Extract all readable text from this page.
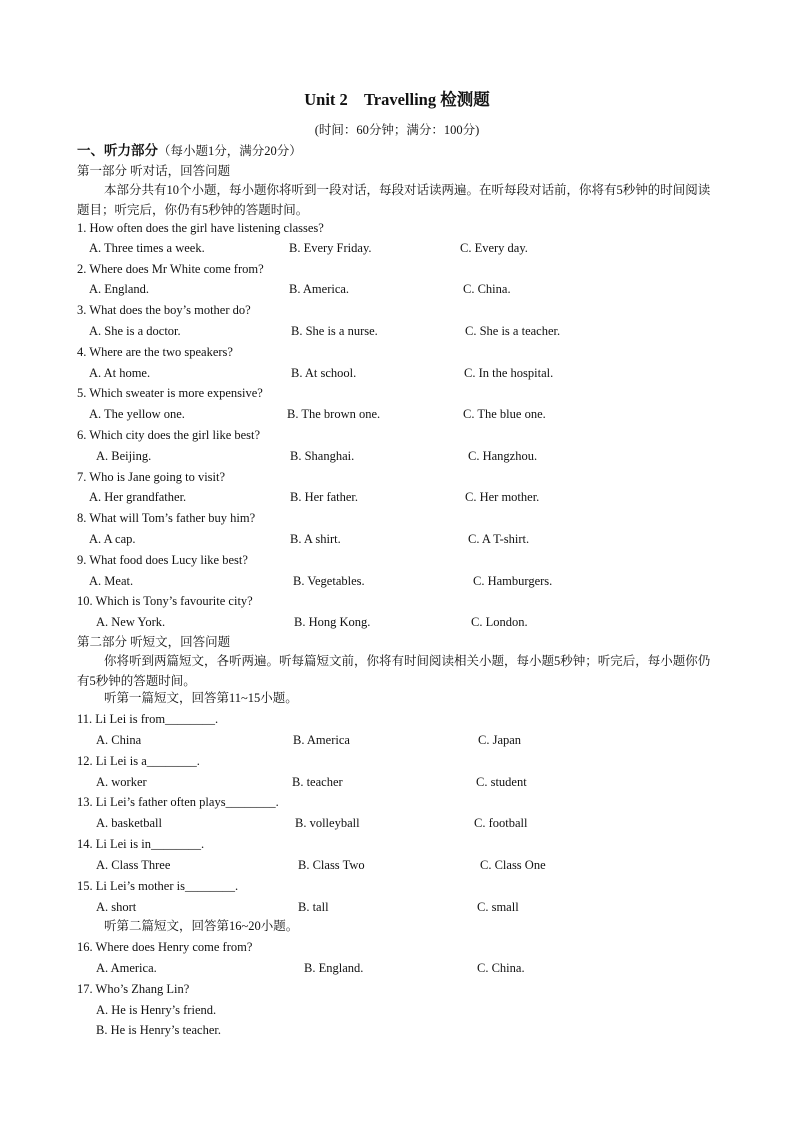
Unit 2    Travelling 检测题
(时间：60分钟；满分：100分)
一、听力部分（每小题1分，满分20分）
第一部分 听对话，回答问题
本部分共有10个小题，每小题你将听到一段对话，每段对话读两遍。在听每段对话前，你将有5秒钟的时间阅读题目；听完后，你仍有5秒钟的答题时间。
1. How often does the girl have listening classes?
A. Three times a week.	B. Every Friday.	C. Every day.
2. Where does Mr White come from?
A. England.	B. America.	C. China.
3. What does the boy’s mother do?
A. She is a doctor.	B. She is a nurse.	C. She is a teacher.
4. Where are the two speakers?
A. At home.	B. At school.	C. In the hospital.
5. Which sweater is more expensive?
A. The yellow one.	B. The brown one.	C. The blue one.
6. Which city does the girl like best?
A. Beijing.	B. Shanghai.	C. Hangzhou.
7. Who is Jane going to visit?
A. Her grandfather.	B. Her father.	C. Her mother.
8. What will Tom’s father buy him?
A. A cap.	B. A shirt.	C. A T-shirt.
9. What food does Lucy like best?
A. Meat.	B. Vegetables.	C. Hamburgers.
10. Which is Tony’s favourite city?
A. New York.	B. Hong Kong.	C. London.
第二部分 听短文，回答问题
你将听到两篇短文，各听两遍。听每篇短文前，你将有时间阅读相关小题，每小题5秒钟；听完后，每小题你仍有5秒钟的答题时间。
听第一篇短文，回答第11~15小题。
11. Li Lei is from________.
A. China	B. America	C. Japan
12. Li Lei is a________.
A. worker	B. teacher	C. student
13. Li Lei’s father often plays________.
A. basketball	B. volleyball	C. football
14. Li Lei is in________.
A. Class Three	B. Class Two	C. Class One
15. Li Lei’s mother is________.
A. short	B. tall	C. small
听第二篇短文，回答第16~20小题。
16. Where does Henry come from?
A. America.	B. England.	C. China.
17. Who’s Zhang Lin?
A. He is Henry’s friend.
B. He is Henry’s teacher.
